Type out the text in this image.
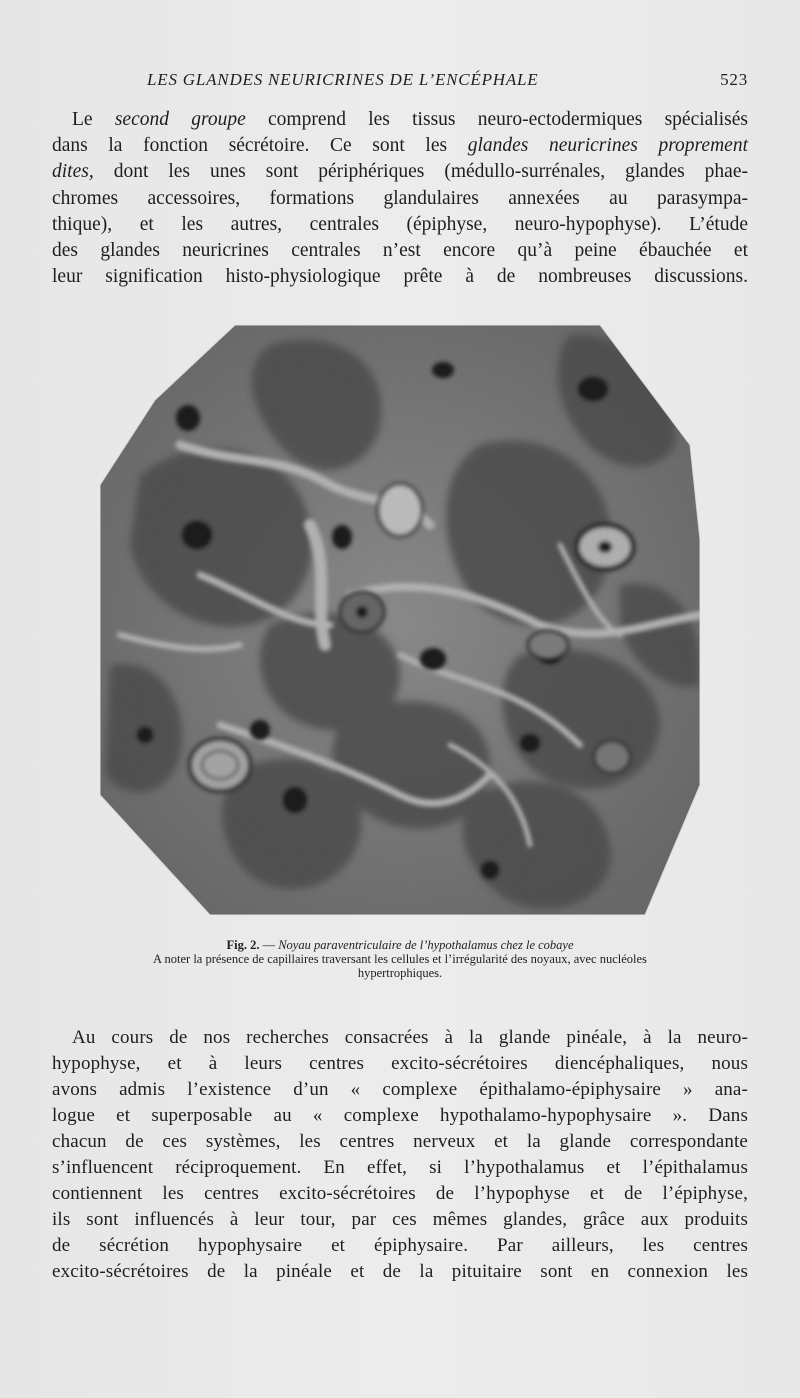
LES GLANDES NEURICRINES DE L’ENCÉPHALE	523

Le second groupe comprend les tissus neuro-ectodermiques spécialisés
dans la fonction sécrétoire. Ce sont les glandes neuricrines proprement
dites, dont les unes sont périphériques (médullo-surrénales, glandes phae-
chromes accessoires, formations glandulaires annexées au parasympa-
thique), et les autres, centrales (épiphyse, neuro-hypophyse). L’étude
des glandes neuricrines centrales n’est encore qu’à peine ébauchée et
leur signification histo-physiologique prête à de nombreuses discussions.

Fig. 2. — Noyau paraventriculaire de l’hypothalamus chez le cobaye
A noter la présence de capillaires traversant les cellules et l’irrégularité des noyaux, avec nucléoles
hypertrophiques.

Au cours de nos recherches consacrées à la glande pinéale, à la neuro-
hypophyse, et à leurs centres excito-sécrétoires diencéphaliques, nous
avons admis l’existence d’un « complexe épithalamo-épiphysaire » ana-
logue et superposable au « complexe hypothalamo-hypophysaire ». Dans
chacun de ces systèmes, les centres nerveux et la glande correspondante
s’influencent réciproquement. En effet, si l’hypothalamus et l’épithalamus
contiennent les centres excito-sécrétoires de l’hypophyse et de l’épiphyse,
ils sont influencés à leur tour, par ces mêmes glandes, grâce aux produits
de sécrétion hypophysaire et épiphysaire. Par ailleurs, les centres
excito-sécrétoires de la pinéale et de la pituitaire sont en connexion les
